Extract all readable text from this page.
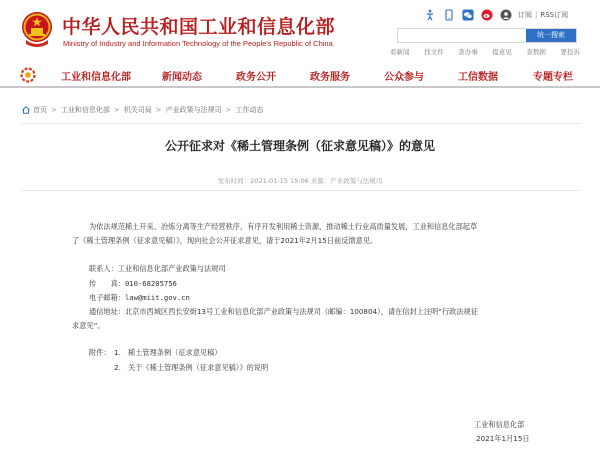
中华人民共和国工业和信息化部
Ministry of Industry and Information Technology of the People's Republic of China
订阅 | RSS订阅
统一搜索
看新闻 找文件 查办事 提意见 查数据 要投诉
工业和信息化部	新闻动态	政务公开	政务服务	公众参与	工信数据	专题专栏
首页 > 工业和信息化部 > 机关司局 > 产业政策与法规司 > 工作动态
公开征求对《稀土管理条例（征求意见稿）》的意见
发布时间：2021-01-15 15:06 来源：产业政策与法规司
为依法规范稀土开采、冶炼分离等生产经营秩序，有序开发利用稀土资源，推动稀土行业高质量发展，工业和信息化部起草
了《稀土管理条例（征求意见稿）》，现向社会公开征求意见，请于2021年2月15日前反馈意见。
联系人：工业和信息化部产业政策与法规司
传　　真：010-68205756
电子邮箱：law@miit.gov.cn
通信地址：北京市西城区西长安街13号工业和信息化部产业政策与法规司（邮编：100804），请在信封上注明“行政法规征
求意见”。
附件： 1. 稀土管理条例（征求意见稿）
2. 关于《稀土管理条例（征求意见稿）》的说明
工业和信息化部
2021年1月15日
